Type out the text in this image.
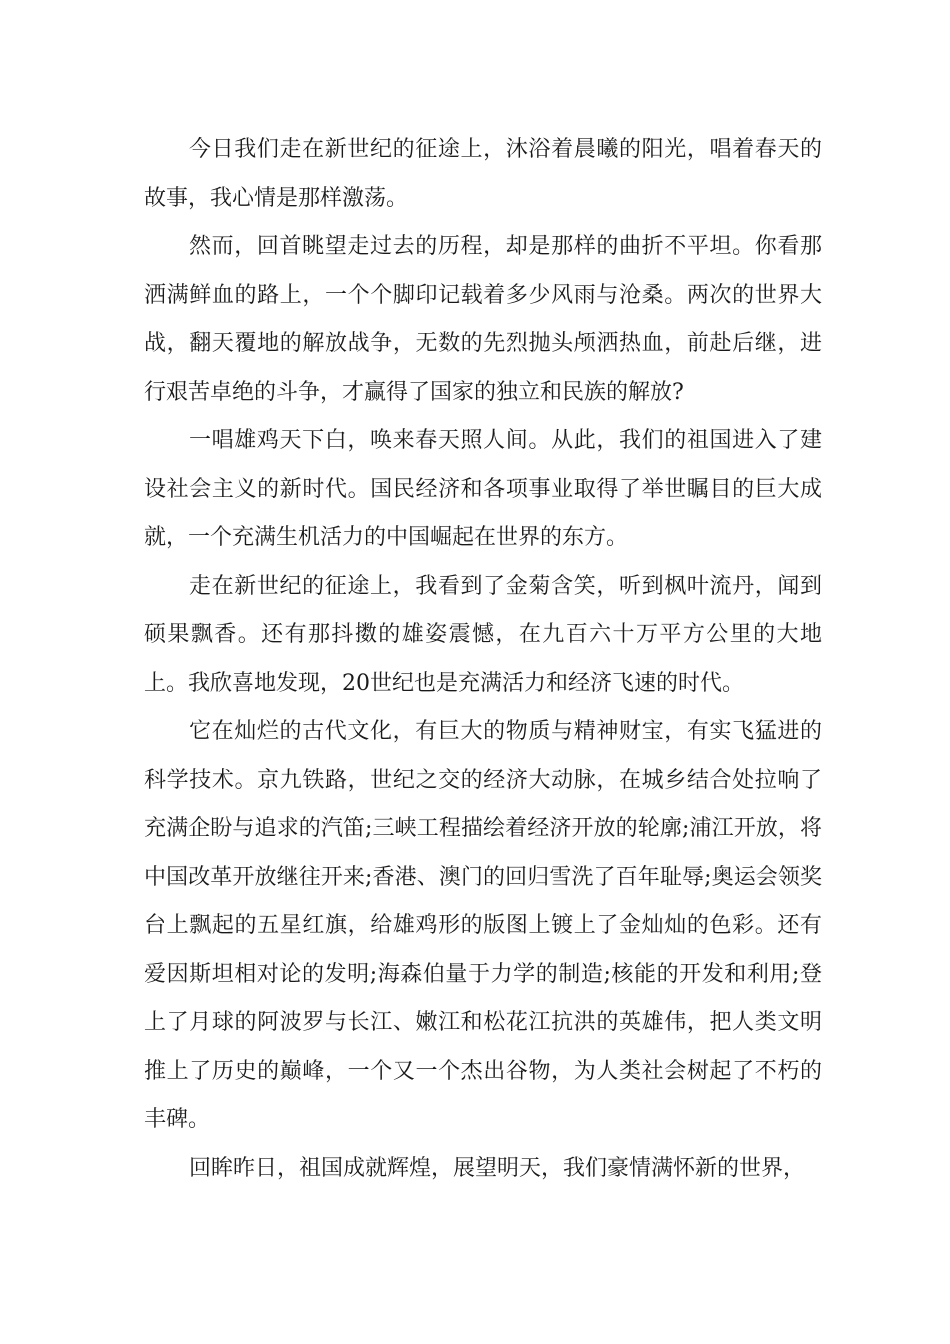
今日我们走在新世纪的征途上，沐浴着晨曦的阳光，唱着春天的故事，我心情是那样激荡。

然而，回首眺望走过去的历程，却是那样的曲折不平坦。你看那洒满鲜血的路上，一个个脚印记载着多少风雨与沧桑。两次的世界大战，翻天覆地的解放战争，无数的先烈抛头颅洒热血，前赴后继，进行艰苦卓绝的斗争，才赢得了国家的独立和民族的解放?

一唱雄鸡天下白，唤来春天照人间。从此，我们的祖国进入了建设社会主义的新时代。国民经济和各项事业取得了举世瞩目的巨大成就，一个充满生机活力的中国崛起在世界的东方。

走在新世纪的征途上，我看到了金菊含笑，听到枫叶流丹，闻到硕果飘香。还有那抖擞的雄姿震憾，在九百六十万平方公里的大地上。我欣喜地发现，20世纪也是充满活力和经济飞速的时代。

它在灿烂的古代文化，有巨大的物质与精神财宝，有实飞猛进的科学技术。京九铁路，世纪之交的经济大动脉，在城乡结合处拉响了充满企盼与追求的汽笛;三峡工程描绘着经济开放的轮廓;浦江开放，将中国改革开放继往开来;香港、澳门的回归雪洗了百年耻辱;奥运会领奖台上飘起的五星红旗，给雄鸡形的版图上镀上了金灿灿的色彩。还有爱因斯坦相对论的发明;海森伯量于力学的制造;核能的开发和利用;登上了月球的阿波罗与长江、嫩江和松花江抗洪的英雄伟，把人类文明推上了历史的巅峰，一个又一个杰出谷物，为人类社会树起了不朽的丰碑。

回眸昨日，祖国成就辉煌，展望明天，我们豪情满怀新的世界，
